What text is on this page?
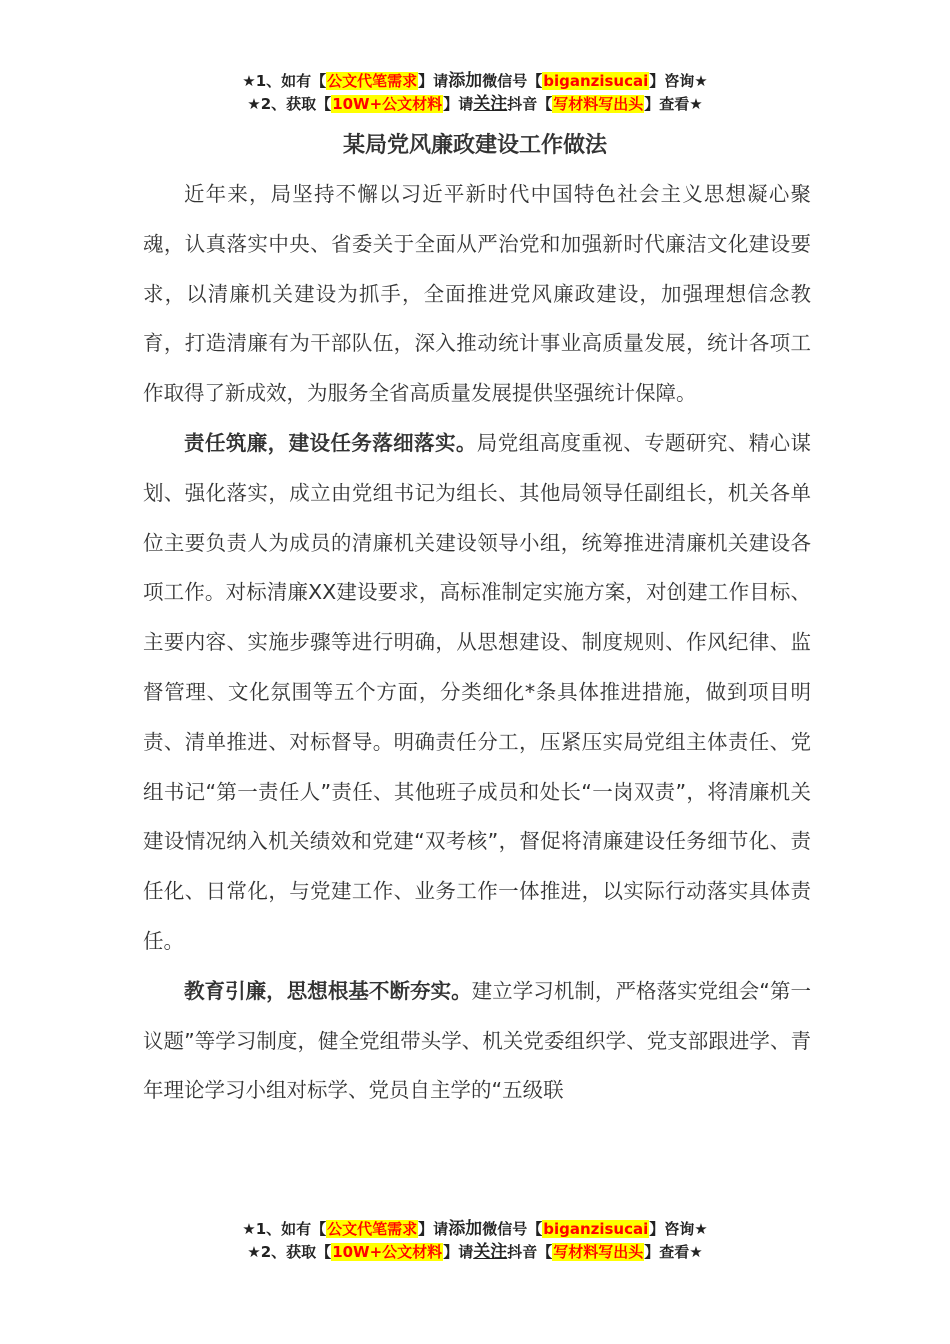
★1、如有【公文代笔需求】请添加微信号【biganzisucai】咨询★
★2、获取【10W+公文材料】请关注抖音【写材料写出头】查看★
某局党风廉政建设工作做法

近年来，局坚持不懈以习近平新时代中国特色社会主义思想凝心聚魂，认真落实中央、省委关于全面从严治党和加强新时代廉洁文化建设要求，以清廉机关建设为抓手，全面推进党风廉政建设，加强理想信念教育，打造清廉有为干部队伍，深入推动统计事业高质量发展，统计各项工作取得了新成效，为服务全省高质量发展提供坚强统计保障。

责任筑廉，建设任务落细落实。局党组高度重视、专题研究、精心谋划、强化落实，成立由党组书记为组长、其他局领导任副组长，机关各单位主要负责人为成员的清廉机关建设领导小组，统筹推进清廉机关建设各项工作。对标清廉XX建设要求，高标准制定实施方案，对创建工作目标、主要内容、实施步骤等进行明确，从思想建设、制度规则、作风纪律、监督管理、文化氛围等五个方面，分类细化*条具体推进措施，做到项目明责、清单推进、对标督导。明确责任分工，压紧压实局党组主体责任、党组书记“第一责任人”责任、其他班子成员和处长“一岗双责”，将清廉机关建设情况纳入机关绩效和党建“双考核”，督促将清廉建设任务细节化、责任化、日常化，与党建工作、业务工作一体推进，以实际行动落实具体责任。

教育引廉，思想根基不断夯实。建立学习机制，严格落实党组会“第一议题”等学习制度，健全党组带头学、机关党委组织学、党支部跟进学、青年理论学习小组对标学、党员自主学的“五级联

★1、如有【公文代笔需求】请添加微信号【biganzisucai】咨询★
★2、获取【10W+公文材料】请关注抖音【写材料写出头】查看★
